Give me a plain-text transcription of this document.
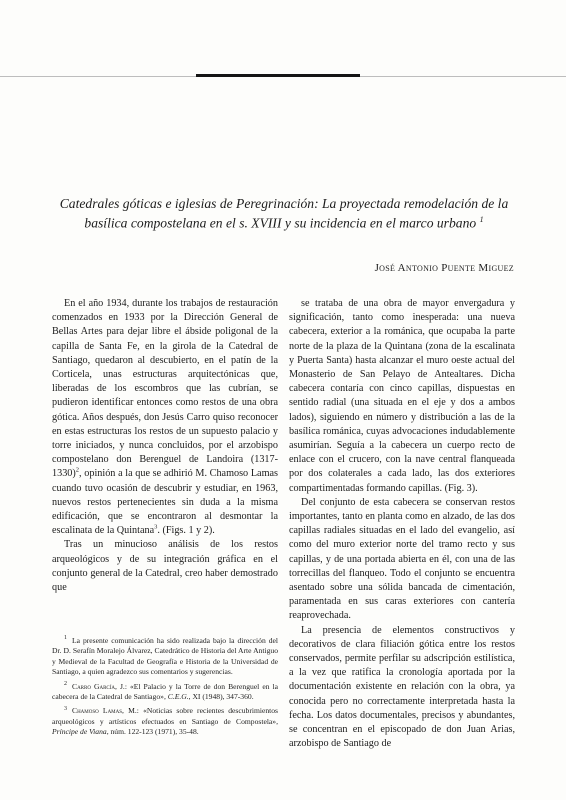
Catedrales góticas e iglesias de Peregrinación: La proyectada remodelación de la
basílica compostelana en el s. XVIII y su incidencia en el marco urbano $^1$

José Antonio Puente Miguez

En el año 1934, durante los trabajos de restauración comenzados en 1933 por la Dirección General de Bellas Artes para dejar libre el ábside poligonal de la capilla de Santa Fe, en la girola de la Catedral de Santiago, quedaron al descubierto, en el patín de la Corticela, unas estructuras arquitectónicas que, liberadas de los escombros que las cubrían, se pudieron identificar entonces como restos de una obra gótica. Años después, don Jesús Carro quiso reconocer en estas estructuras los restos de un supuesto palacio y torre iniciados, y nunca concluidos, por el arzobispo compostelano don Berenguel de Landoira (1317-1330)$^2$, opinión a la que se adhirió M. Chamoso Lamas cuando tuvo ocasión de descubrir y estudiar, en 1963, nuevos restos pertenecientes sin duda a la misma edificación, que se encontraron al desmontar la escalinata de la Quintana$^3$. (Figs. 1 y 2).

Tras un minucioso análisis de los restos arqueológicos y de su integración gráfica en el conjunto general de la Catedral, creo haber demostrado que

se trataba de una obra de mayor envergadura y significación, tanto como inesperada: una nueva cabecera, exterior a la románica, que ocupaba la parte norte de la plaza de la Quintana (zona de la escalinata y Puerta Santa) hasta alcanzar el muro oeste actual del Monasterio de San Pelayo de Antealtares. Dicha cabecera contaría con cinco capillas, dispuestas en sentido radial (una situada en el eje y dos a ambos lados), siguiendo en número y distribución a las de la basílica románica, cuyas advocaciones indudablemente asumirían. Seguía a la cabecera un cuerpo recto de enlace con el crucero, con la nave central flanqueada por dos colaterales a cada lado, las dos exteriores compartimentadas formando capillas. (Fig. 3).

Del conjunto de esta cabecera se conservan restos importantes, tanto en planta como en alzado, de las dos capillas radiales situadas en el lado del evangelio, así como del muro exterior norte del tramo recto y sus capillas, y de una portada abierta en él, con una de las torrecillas del flanqueo. Todo el conjunto se encuentra asentado sobre una sólida bancada de cimentación, paramentada en sus caras exteriores con cantería reaprovechada.

La presencia de elementos constructivos y decorativos de clara filiación gótica entre los restos conservados, permite perfilar su adscripción estilística, a la vez que ratifica la cronología aportada por la documentación existente en relación con la obra, ya conocida pero no correctamente interpretada hasta la fecha. Los datos documentales, precisos y abundantes, se concentran en el episcopado de don Juan Arias, arzobispo de Santiago de

$^1$ La presente comunicación ha sido realizada bajo la dirección del Dr. D. Serafín Moralejo Álvarez, Catedrático de Historia del Arte Antiguo y Medieval de la Facultad de Geografía e Historia de la Universidad de Santiago, a quien agradezco sus comentarios y sugerencias.

$^2$ Carro García, J.: «El Palacio y la Torre de don Berenguel en la cabecera de la Catedral de Santiago», C.E.G., XI (1948), 347-360.

$^3$ Chamoso Lamas, M.: «Noticias sobre recientes descubrimientos arqueológicos y artísticos efectuados en Santiago de Compostela», Príncipe de Viana, núm. 122-123 (1971), 35-48.
